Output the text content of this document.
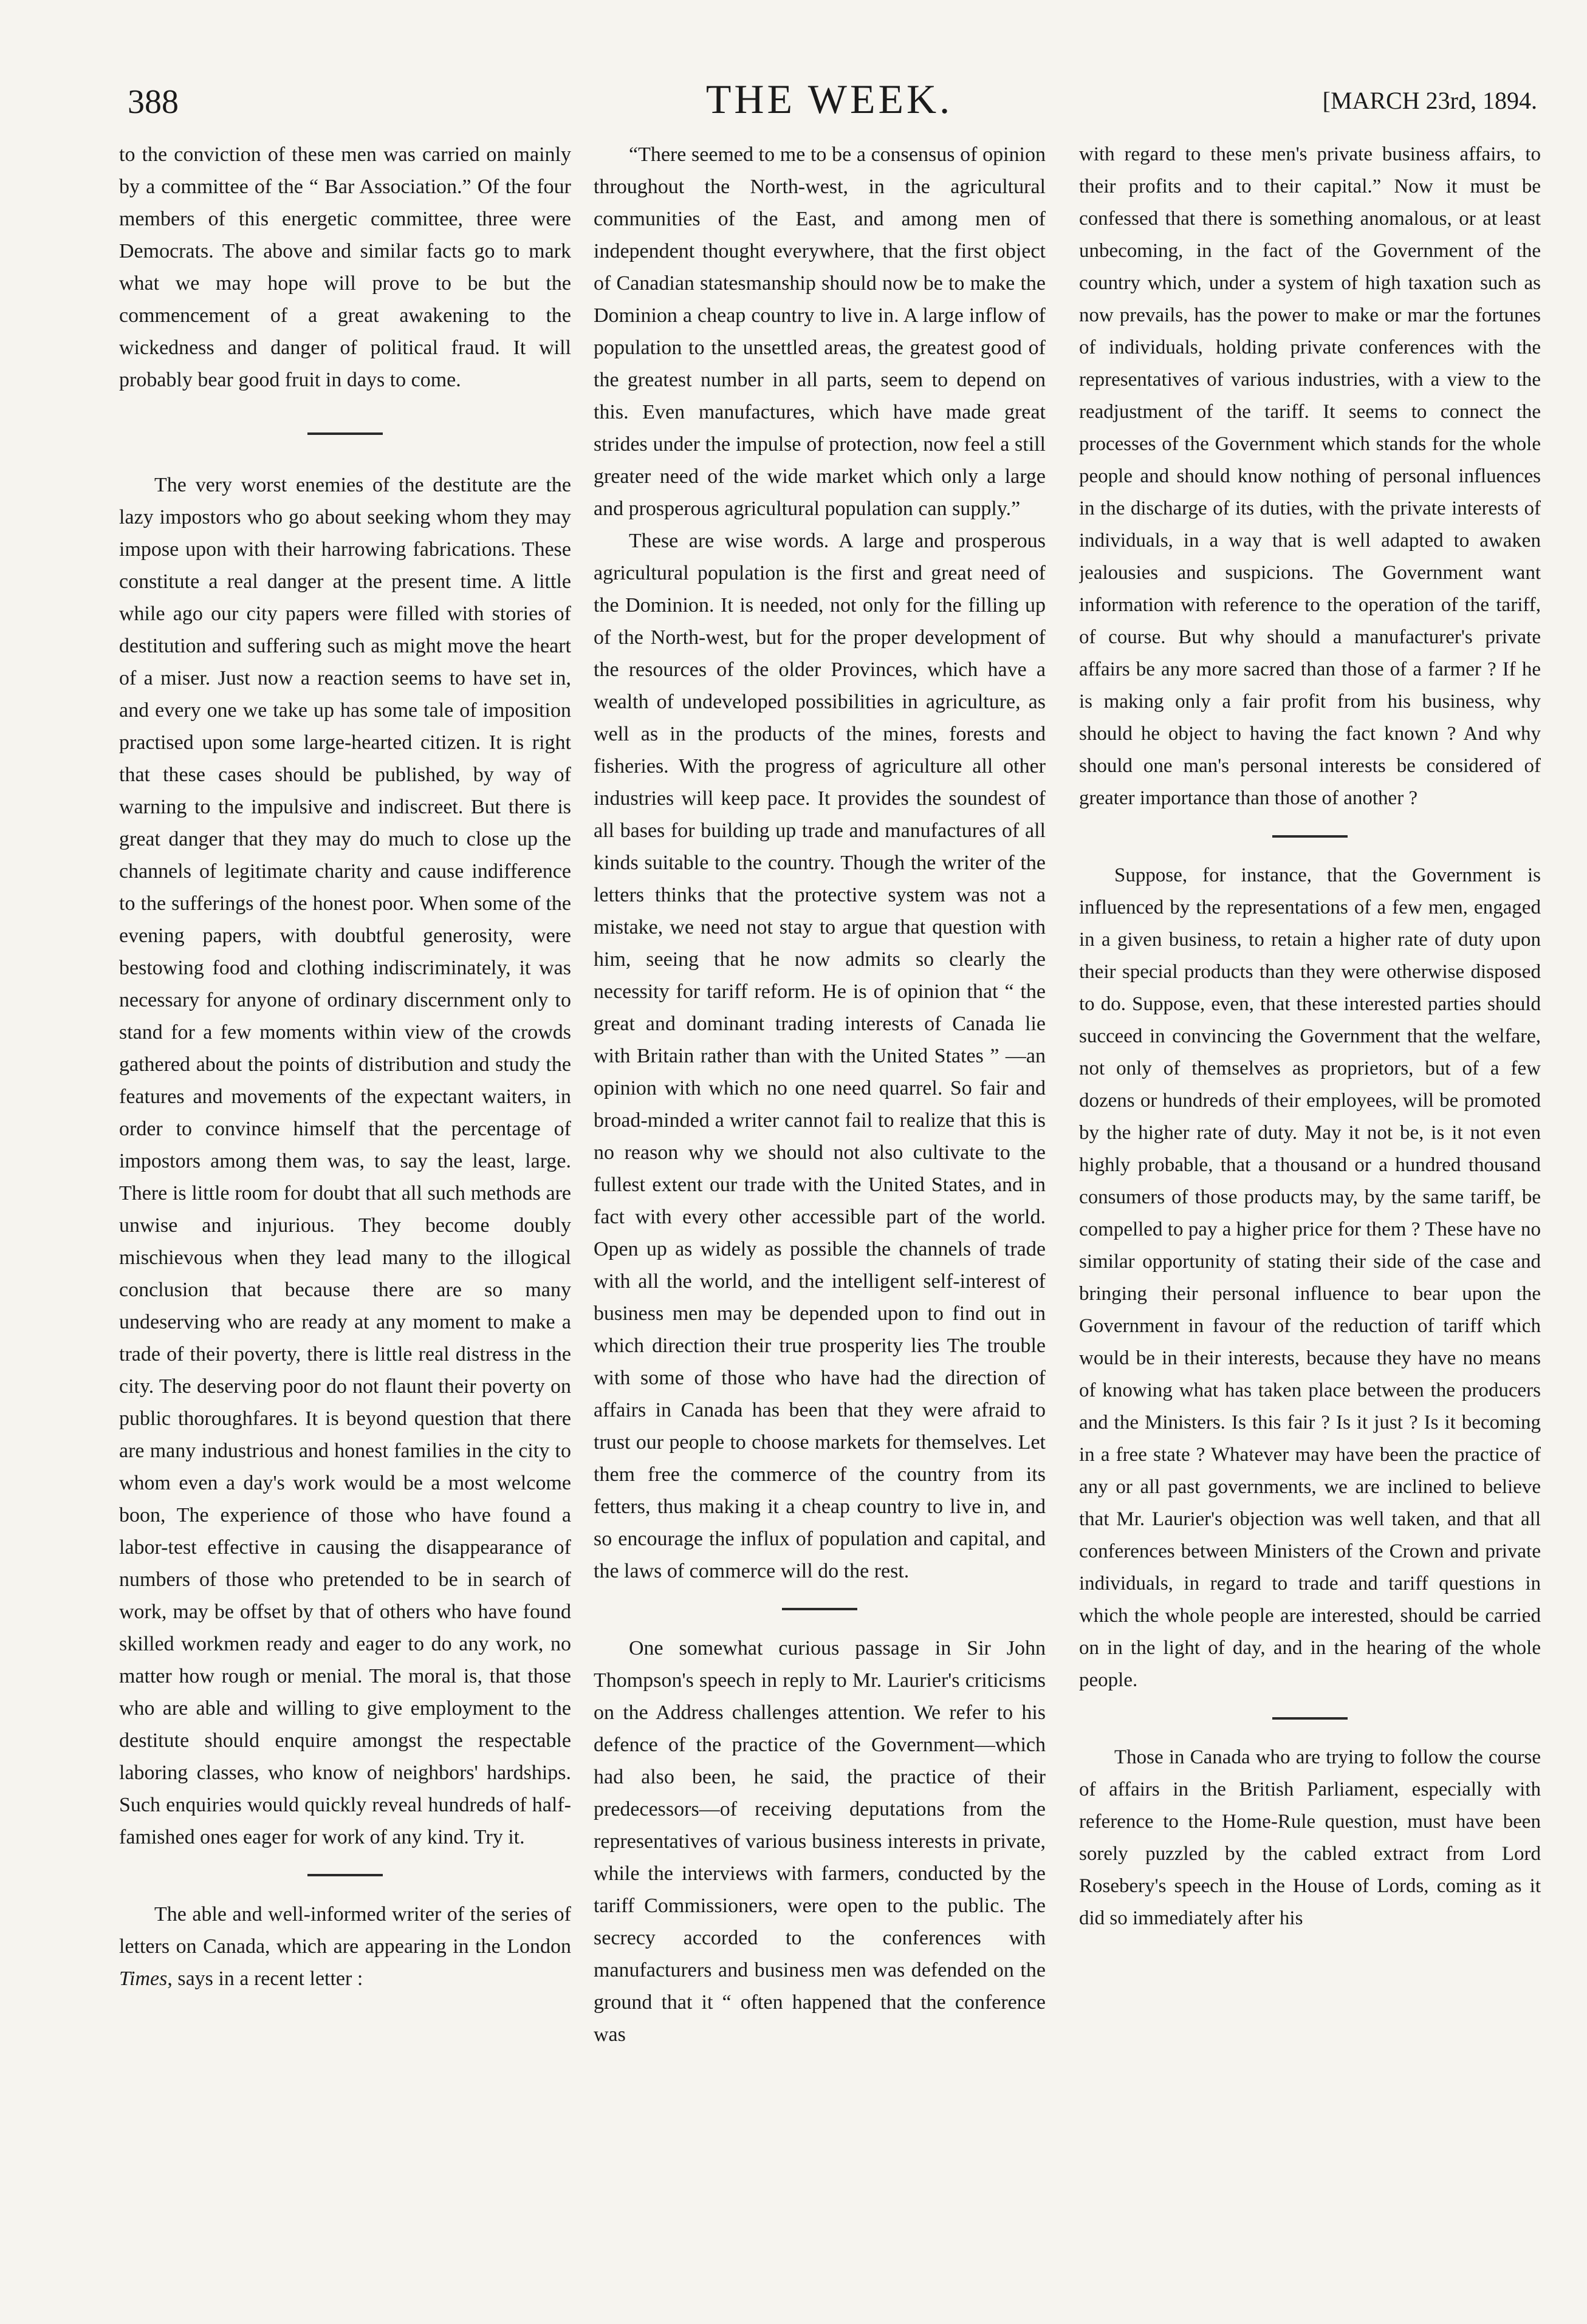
388	THE WEEK.	[MARCH 23rd, 1894.

to the conviction of these men was carried on mainly by a committee of the “ Bar Association.” Of the four members of this energetic committee, three were Democrats. The above and similar facts go to mark what we may hope will prove to be but the commencement of a great awakening to the wickedness and danger of political fraud. It will probably bear good fruit in days to come.

The very worst enemies of the destitute are the lazy impostors who go about seeking whom they may impose upon with their harrowing fabrications. These constitute a real danger at the present time. A little while ago our city papers were filled with stories of destitution and suffering such as might move the heart of a miser. Just now a reaction seems to have set in, and every one we take up has some tale of imposition practised upon some large-hearted citizen. It is right that these cases should be published, by way of warning to the impulsive and indiscreet. But there is great danger that they may do much to close up the channels of legitimate charity and cause indifference to the sufferings of the honest poor. When some of the evening papers, with doubtful generosity, were bestowing food and clothing indiscriminately, it was necessary for anyone of ordinary discernment only to stand for a few moments within view of the crowds gathered about the points of distribution and study the features and movements of the expectant waiters, in order to convince himself that the percentage of impostors among them was, to say the least, large. There is little room for doubt that all such methods are unwise and injurious. They become doubly mischievous when they lead many to the illogical conclusion that because there are so many undeserving who are ready at any moment to make a trade of their poverty, there is little real distress in the city. The deserving poor do not flaunt their poverty on public thoroughfares. It is beyond question that there are many industrious and honest families in the city to whom even a day's work would be a most welcome boon, The experience of those who have found a labor-test effective in causing the disappearance of numbers of those who pretended to be in search of work, may be offset by that of others who have found skilled workmen ready and eager to do any work, no matter how rough or menial. The moral is, that those who are able and willing to give employment to the destitute should enquire amongst the respectable laboring classes, who know of neighbors' hardships. Such enquiries would quickly reveal hundreds of half-famished ones eager for work of any kind. Try it.

The able and well-informed writer of the series of letters on Canada, which are appearing in the London Times, says in a recent letter :

“There seemed to me to be a consensus of opinion throughout the North-west, in the agricultural communities of the East, and among men of independent thought everywhere, that the first object of Canadian statesmanship should now be to make the Dominion a cheap country to live in. A large inflow of population to the unsettled areas, the greatest good of the greatest number in all parts, seem to depend on this. Even manufactures, which have made great strides under the impulse of protection, now feel a still greater need of the wide market which only a large and prosperous agricultural population can supply.”

These are wise words. A large and prosperous agricultural population is the first and great need of the Dominion. It is needed, not only for the filling up of the North-west, but for the proper development of the resources of the older Provinces, which have a wealth of undeveloped possibilities in agriculture, as well as in the products of the mines, forests and fisheries. With the progress of agriculture all other industries will keep pace. It provides the soundest of all bases for building up trade and manufactures of all kinds suitable to the country. Though the writer of the letters thinks that the protective system was not a mistake, we need not stay to argue that question with him, seeing that he now admits so clearly the necessity for tariff reform. He is of opinion that “ the great and dominant trading interests of Canada lie with Britain rather than with the United States ” —an opinion with which no one need quarrel. So fair and broad-minded a writer cannot fail to realize that this is no reason why we should not also cultivate to the fullest extent our trade with the United States, and in fact with every other accessible part of the world. Open up as widely as possible the channels of trade with all the world, and the intelligent self-interest of business men may be depended upon to find out in which direction their true prosperity lies The trouble with some of those who have had the direction of affairs in Canada has been that they were afraid to trust our people to choose markets for themselves. Let them free the commerce of the country from its fetters, thus making it a cheap country to live in, and so encourage the influx of population and capital, and the laws of commerce will do the rest.

One somewhat curious passage in Sir John Thompson's speech in reply to Mr. Laurier's criticisms on the Address challenges attention. We refer to his defence of the practice of the Government—which had also been, he said, the practice of their predecessors—of receiving deputations from the representatives of various business interests in private, while the interviews with farmers, conducted by the tariff Commissioners, were open to the public. The secrecy accorded to the conferences with manufacturers and business men was defended on the ground that it “ often happened that the conference was

with regard to these men's private business affairs, to their profits and to their capital.” Now it must be confessed that there is something anomalous, or at least unbecoming, in the fact of the Government of the country which, under a system of high taxation such as now prevails, has the power to make or mar the fortunes of individuals, holding private conferences with the representatives of various industries, with a view to the readjustment of the tariff. It seems to connect the processes of the Government which stands for the whole people and should know nothing of personal influences in the discharge of its duties, with the private interests of individuals, in a way that is well adapted to awaken jealousies and suspicions. The Government want information with reference to the operation of the tariff, of course. But why should a manufacturer's private affairs be any more sacred than those of a farmer ? If he is making only a fair profit from his business, why should he object to having the fact known ? And why should one man's personal interests be considered of greater importance than those of another ?

Suppose, for instance, that the Government is influenced by the representations of a few men, engaged in a given business, to retain a higher rate of duty upon their special products than they were otherwise disposed to do. Suppose, even, that these interested parties should succeed in convincing the Government that the welfare, not only of themselves as proprietors, but of a few dozens or hundreds of their employees, will be promoted by the higher rate of duty. May it not be, is it not even highly probable, that a thousand or a hundred thousand consumers of those products may, by the same tariff, be compelled to pay a higher price for them ? These have no similar opportunity of stating their side of the case and bringing their personal influence to bear upon the Government in favour of the reduction of tariff which would be in their interests, because they have no means of knowing what has taken place between the producers and the Ministers. Is this fair ? Is it just ? Is it becoming in a free state ? Whatever may have been the practice of any or all past governments, we are inclined to believe that Mr. Laurier's objection was well taken, and that all conferences between Ministers of the Crown and private individuals, in regard to trade and tariff questions in which the whole people are interested, should be carried on in the light of day, and in the hearing of the whole people.

Those in Canada who are trying to follow the course of affairs in the British Parliament, especially with reference to the Home-Rule question, must have been sorely puzzled by the cabled extract from Lord Rosebery's speech in the House of Lords, coming as it did so immediately after his
